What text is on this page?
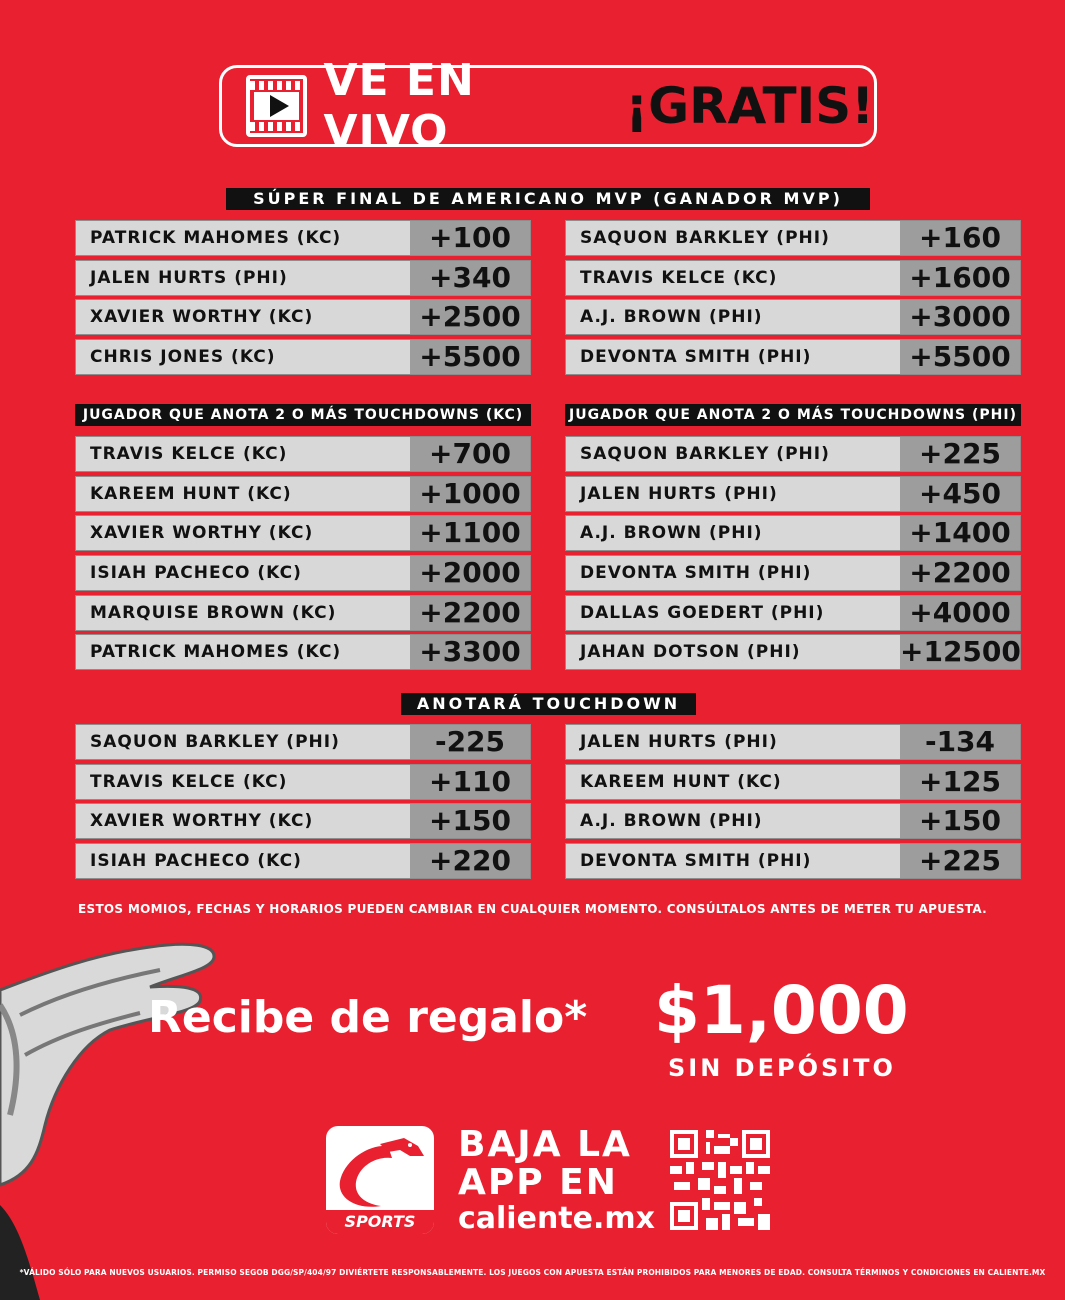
VE EN VIVO	¡GRATIS!
SÚPER FINAL DE AMERICANO MVP (GANADOR MVP)
PATRICK MAHOMES (KC)	+100
JALEN HURTS (PHI)	+340
XAVIER WORTHY (KC)	+2500
CHRIS JONES (KC)	+5500
SAQUON BARKLEY (PHI)	+160
TRAVIS KELCE (KC)	+1600
A.J. BROWN (PHI)	+3000
DEVONTA SMITH (PHI)	+5500
JUGADOR QUE ANOTA 2 O MÁS TOUCHDOWNS (KC)	JUGADOR QUE ANOTA 2 O MÁS TOUCHDOWNS (PHI)
TRAVIS KELCE (KC)	+700
KAREEM HUNT (KC)	+1000
XAVIER WORTHY (KC)	+1100
ISIAH PACHECO (KC)	+2000
MARQUISE BROWN (KC)	+2200
PATRICK MAHOMES (KC)	+3300
SAQUON BARKLEY (PHI)	+225
JALEN HURTS (PHI)	+450
A.J. BROWN (PHI)	+1400
DEVONTA SMITH (PHI)	+2200
DALLAS GOEDERT (PHI)	+4000
JAHAN DOTSON (PHI)	+12500
ANOTARÁ TOUCHDOWN
SAQUON BARKLEY (PHI)	-225
TRAVIS KELCE (KC)	+110
XAVIER WORTHY (KC)	+150
ISIAH PACHECO (KC)	+220
JALEN HURTS (PHI)	-134
KAREEM HUNT (KC)	+125
A.J. BROWN (PHI)	+150
DEVONTA SMITH (PHI)	+225
ESTOS MOMIOS, FECHAS Y HORARIOS PUEDEN CAMBIAR EN CUALQUIER MOMENTO. CONSÚLTALOS ANTES DE METER TU APUESTA.
Recibe de regalo* $1,000
SIN DEPÓSITO
SPORTS
BAJA LA
APP EN
caliente.mx
*VÁLIDO SÓLO PARA NUEVOS USUARIOS. PERMISO SEGOB DGG/SP/404/97 DIVIÉRTETE RESPONSABLEMENTE. LOS JUEGOS CON APUESTA ESTÁN PROHIBIDOS PARA MENORES DE EDAD. CONSULTA TÉRMINOS Y CONDICIONES EN CALIENTE.MX
